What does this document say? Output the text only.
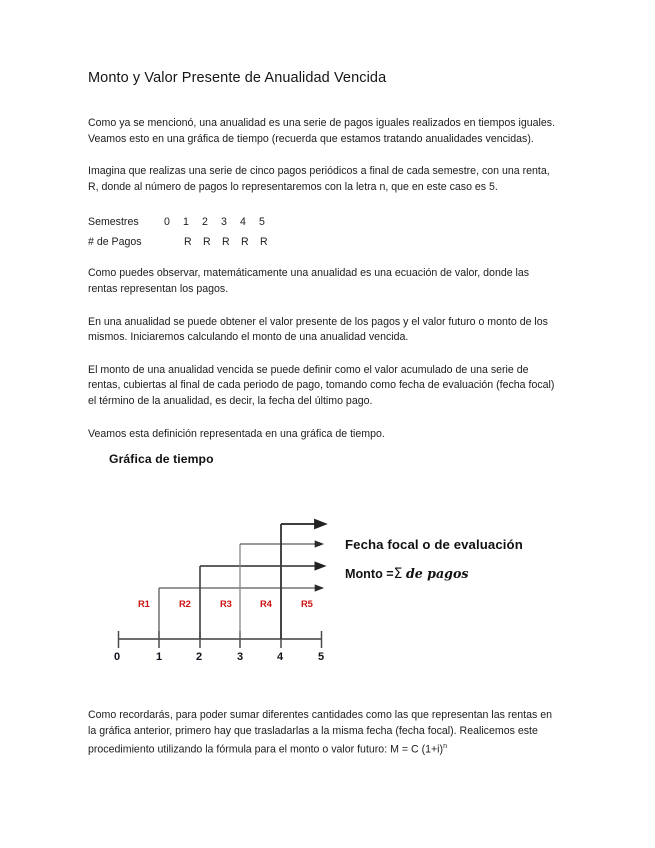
Monto y Valor Presente de Anualidad Vencida

Como ya se mencionó, una anualidad es una serie de pagos iguales realizados en tiempos iguales. Veamos esto en una gráfica de tiempo (recuerda que estamos tratando anualidades vencidas).

Imagina que realizas una serie de cinco pagos periódicos a final de cada semestre, con una renta, R, donde al número de pagos lo representaremos con la letra n, que en este caso es 5.

Semestres 0 1 2 3 4 5
# de Pagos	R R R R R

Como puedes observar, matemáticamente una anualidad es una ecuación de valor, donde las rentas representan los pagos.

En una anualidad se puede obtener el valor presente de los pagos y el valor futuro o monto de los mismos. Iniciaremos calculando el monto de una anualidad vencida.

El monto de una anualidad vencida se puede definir como el valor acumulado de una serie de rentas, cubiertas al final de cada periodo de pago, tomando como fecha de evaluación (fecha focal) el término de la anualidad, es decir, la fecha del último pago.

Veamos esta definición representada en una gráfica de tiempo.

Gráfica de tiempo
R1	R2	R3	R4	R5
0	1	2	3	4	5
Fecha focal o de evaluación
Monto =Σ de pagos
Como recordarás, para poder sumar diferentes cantidades como las que representan las rentas en la gráfica anterior, primero hay que trasladarlas a la misma fecha (fecha focal). Realicemos este procedimiento utilizando la fórmula para el monto o valor futuro: M = C $(1+i)^n$
